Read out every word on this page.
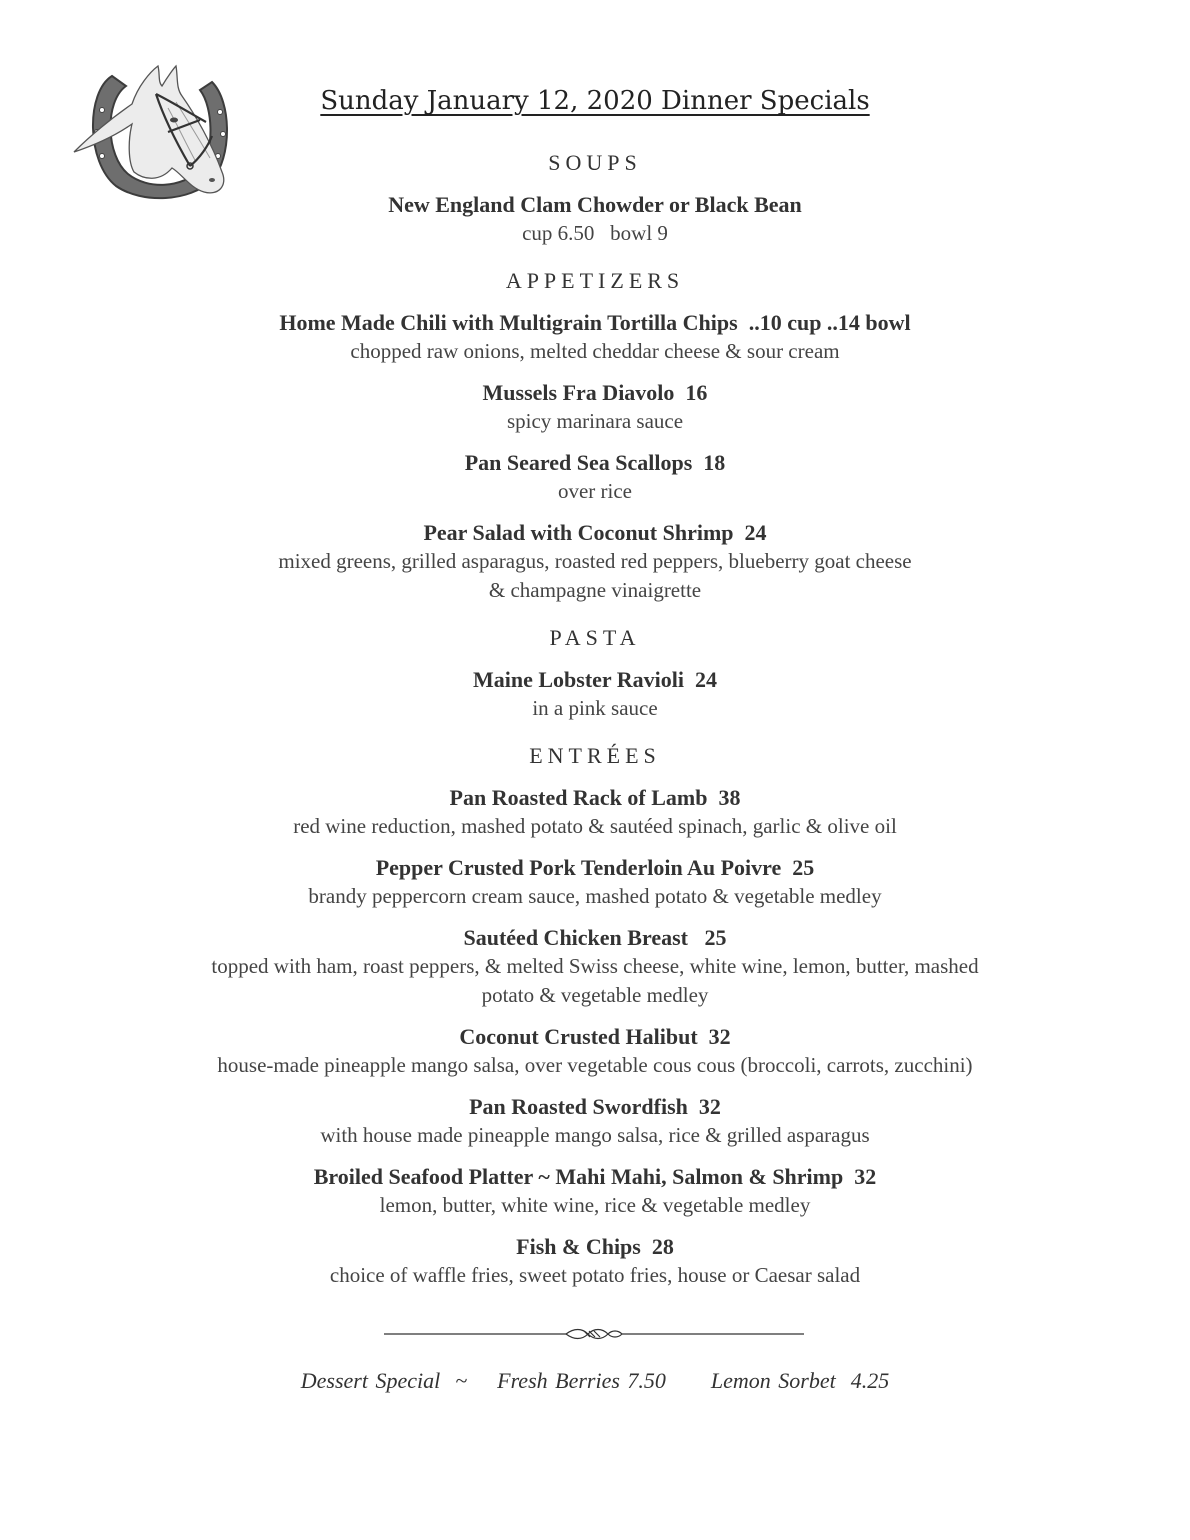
Sunday January 12, 2020 Dinner Specials
SOUPS
New England Clam Chowder or Black Bean
cup 6.50   bowl 9
APPETIZERS
Home Made Chili with Multigrain Tortilla Chips  ..10 cup ..14 bowl
chopped raw onions, melted cheddar cheese & sour cream
Mussels Fra Diavolo  16
spicy marinara sauce
Pan Seared Sea Scallops  18
over rice
Pear Salad with Coconut Shrimp  24
mixed greens, grilled asparagus, roasted red peppers, blueberry goat cheese
& champagne vinaigrette
PASTA
Maine Lobster Ravioli  24
in a pink sauce
ENTRÉES
Pan Roasted Rack of Lamb  38
red wine reduction, mashed potato & sautéed spinach, garlic & olive oil
Pepper Crusted Pork Tenderloin Au Poivre  25
brandy peppercorn cream sauce, mashed potato & vegetable medley
Sautéed Chicken Breast   25
topped with ham, roast peppers, & melted Swiss cheese, white wine, lemon, butter, mashed
potato & vegetable medley
Coconut Crusted Halibut  32
house-made pineapple mango salsa, over vegetable cous cous (broccoli, carrots, zucchini)
Pan Roasted Swordfish  32
with house made pineapple mango salsa, rice & grilled asparagus
Broiled Seafood Platter ~ Mahi Mahi, Salmon & Shrimp  32
lemon, butter, white wine, rice & vegetable medley
Fish & Chips  28
choice of waffle fries, sweet potato fries, house or Caesar salad
Dessert Special  ~ Fresh Berries 7.50 Lemon Sorbet  4.25
